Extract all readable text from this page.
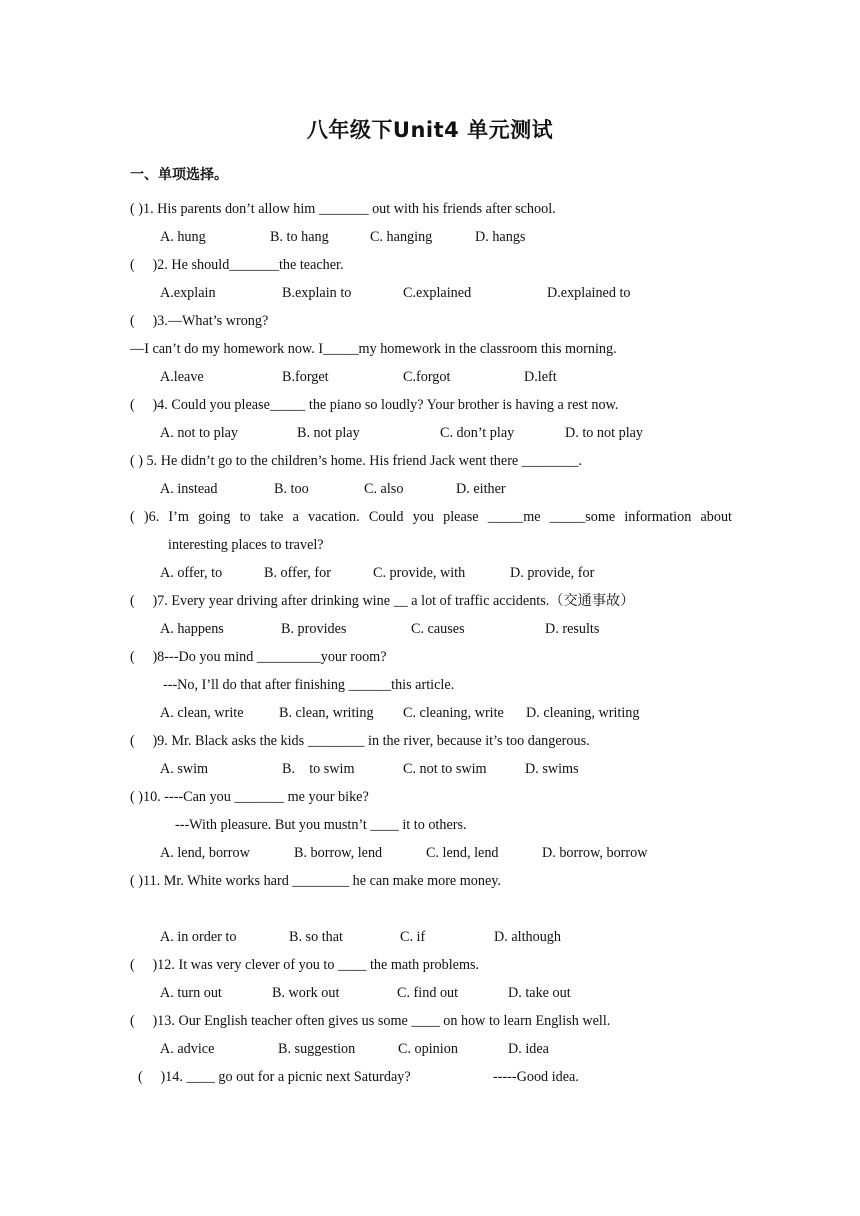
八年级下Unit4 单元测试
一、单项选择。
( )1. His parents don’t allow him _______ out with his friends after school.
A. hung	B. to hang	C. hanging	D. hangs
(     )2. He should_______the teacher.
A.explain	B.explain to	C.explained	D.explained to
(     )3.—What’s wrong?
—I can’t do my homework now. I_____my homework in the classroom this morning.
A.leave	B.forget	C.forgot	D.left
(     )4. Could you please_____ the piano so loudly? Your brother is having a rest now.
A. not to play	B. not play	C. don’t play	D. to not play
( ) 5. He didn’t go to the children’s home. His friend Jack went there ________.
A. instead	B. too	C. also	D. either
( )6. I’m going to take a vacation. Could you please _____me _____some information about
interesting places to travel?
A. offer, to	B. offer, for	C. provide, with	D. provide, for
(     )7. Every year driving after drinking wine __ a lot of traffic accidents.（交通事故）
A. happens	B. provides	C. causes	D. results
(     )8---Do you mind _________your room?
---No, I’ll do that after finishing ______this article.
A. clean, write B. clean, writing C. cleaning, write D. cleaning, writing
(     )9. Mr. Black asks the kids ________ in the river, because it’s too dangerous.
A. swim	B.    to swim	C. not to swim	D. swims
( )10. ----Can you _______ me your bike?
---With pleasure. But you mustn’t ____ it to others.
A. lend, borrow	B. borrow, lend	C. lend, lend	D. borrow, borrow
( )11. Mr. White works hard ________ he can make more money.
A. in order to	B. so that	C. if	D. although
(     )12. It was very clever of you to ____ the math problems.
A. turn out	B. work out	C. find out	D. take out
(     )13. Our English teacher often gives us some ____ on how to learn English well.
A. advice	B. suggestion	C. opinion	D. idea
(     )14. ____ go out for a picnic next Saturday?	-----Good idea.
